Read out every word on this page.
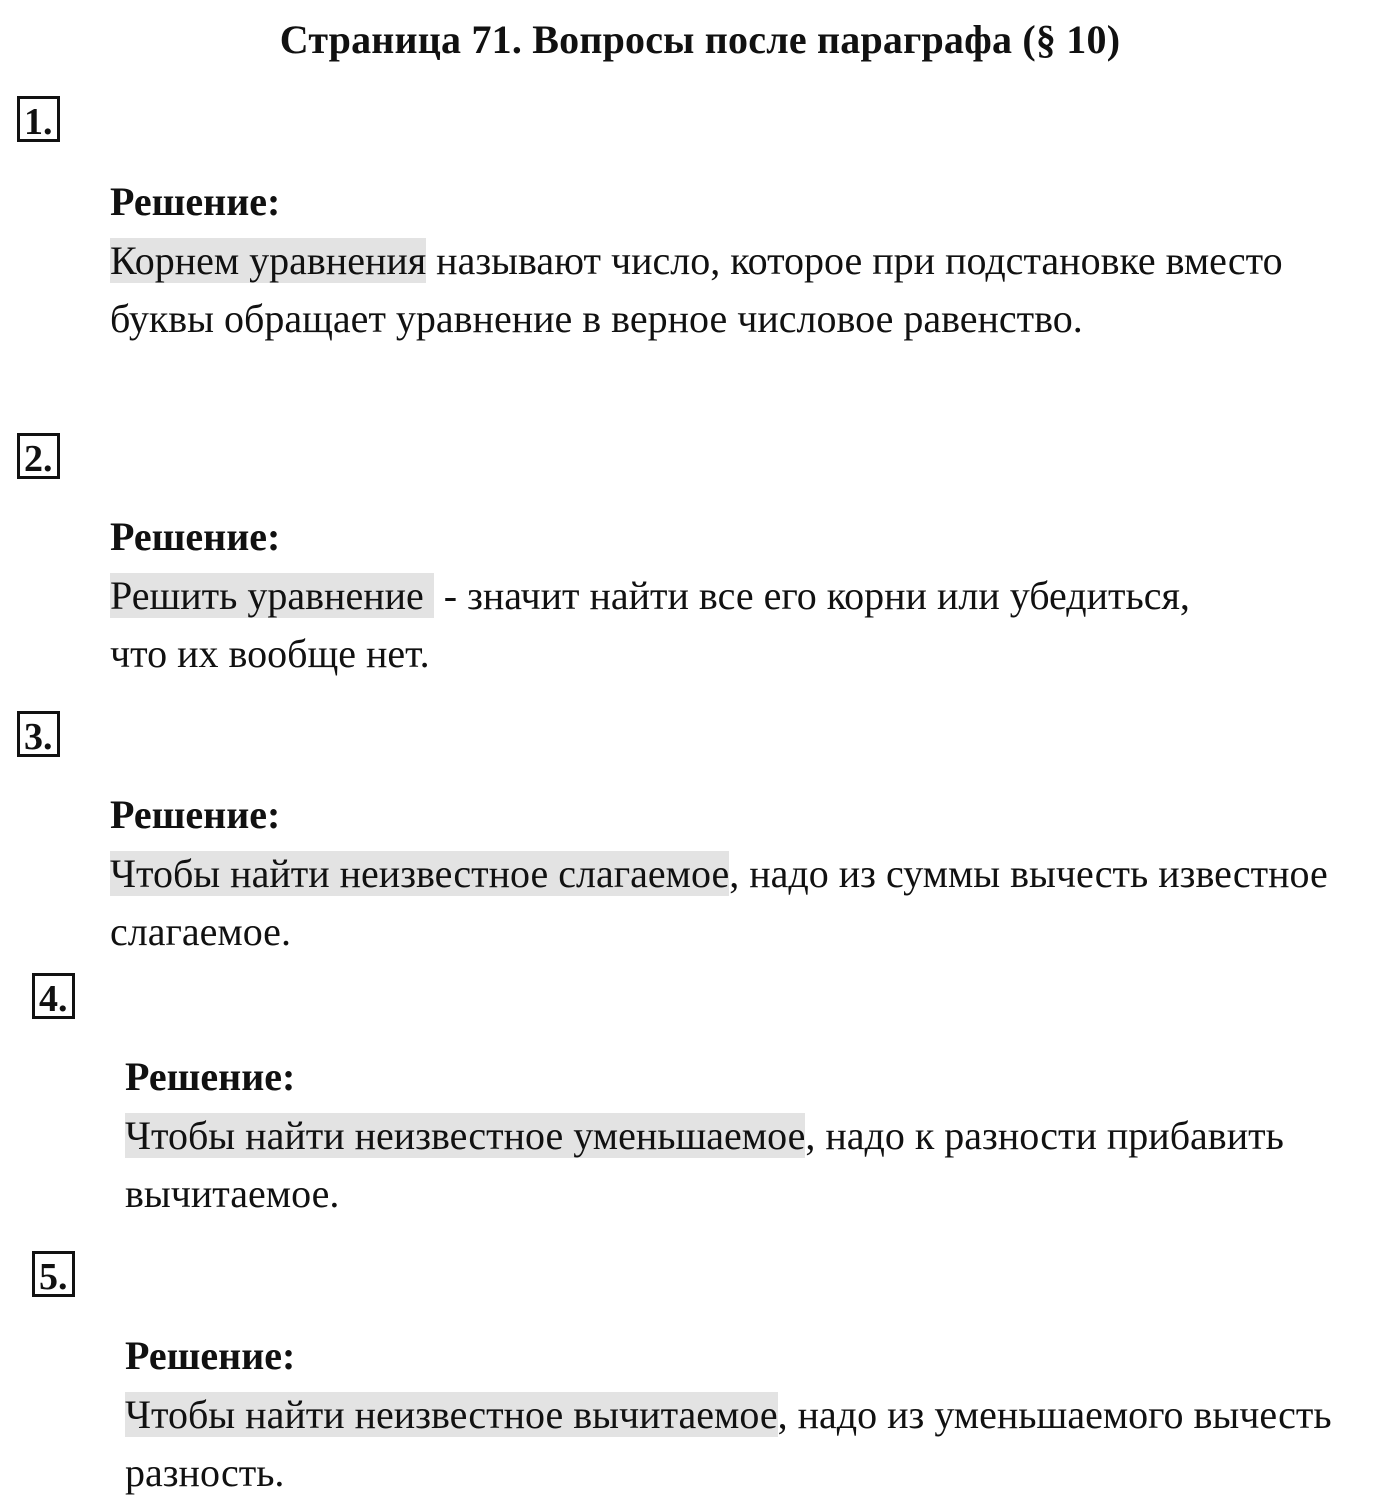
Страница 71. Вопросы после параграфа (§ 10)
1.
Решение:

Корнем уравнения называют число, которое при подстановке вместо буквы обращает уравнение в верное числовое равенство.

2.
Решение:

Решить уравнение  - значит найти все его корни или убедиться, что их вообще нет.

3.
Решение:

Чтобы найти неизвестное слагаемое, надо из суммы вычесть известное слагаемое.

4.
Решение:

Чтобы найти неизвестное уменьшаемое, надо к разности прибавить вычитаемое.

5.
Решение:

Чтобы найти неизвестное вычитаемое, надо из уменьшаемого вычесть разность.
